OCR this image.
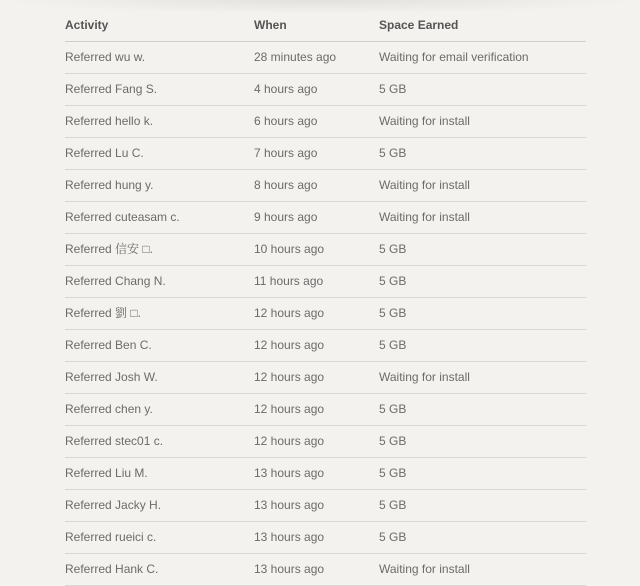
Activity	When	Space Earned
Referred wu w.	28 minutes ago	Waiting for email verification
Referred Fang S.	4 hours ago	5 GB
Referred hello k.	6 hours ago	Waiting for install
Referred Lu C.	7 hours ago	5 GB
Referred hung y.	8 hours ago	Waiting for install
Referred cuteasam c.	9 hours ago	Waiting for install
Referred 信安 □.	10 hours ago	5 GB
Referred Chang N.	11 hours ago	5 GB
Referred 劉 □.	12 hours ago	5 GB
Referred Ben C.	12 hours ago	5 GB
Referred Josh W.	12 hours ago	Waiting for install
Referred chen y.	12 hours ago	5 GB
Referred stec01 c.	12 hours ago	5 GB
Referred Liu M.	13 hours ago	5 GB
Referred Jacky H.	13 hours ago	5 GB
Referred rueici c.	13 hours ago	5 GB
Referred Hank C.	13 hours ago	Waiting for install
